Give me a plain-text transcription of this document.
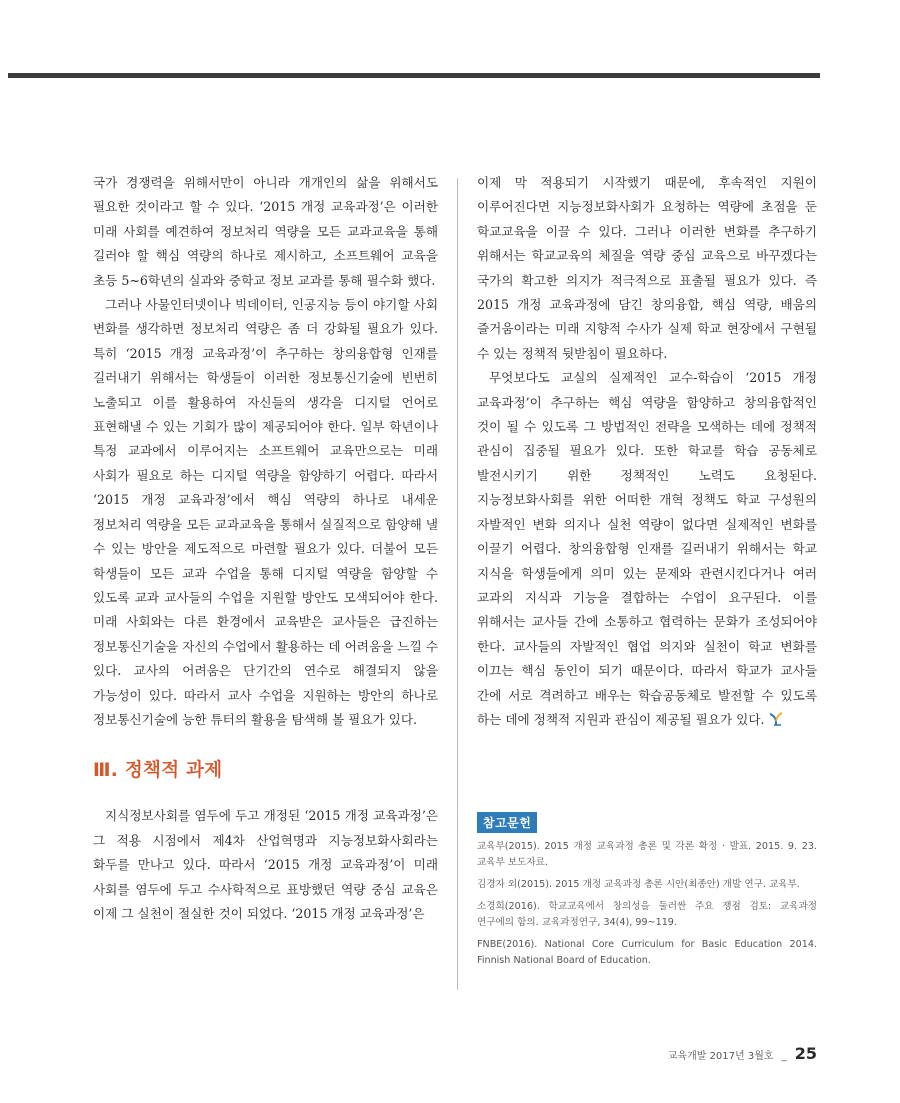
국가 경쟁력을 위해서만이 아니라 개개인의 삶을 위해서도 필요한 것이라고 할 수 있다. ‘2015 개정 교육과정’은 이러한 미래 사회를 예견하여 정보처리 역량을 모든 교과교육을 통해 길러야 할 핵심 역량의 하나로 제시하고, 소프트웨어 교육을 초등 5~6학년의 실과와 중학교 정보 교과를 통해 필수화 했다.

그러나 사물인터넷이나 빅데이터, 인공지능 등이 야기할 사회 변화를 생각하면 정보처리 역량은 좀 더 강화될 필요가 있다. 특히 ‘2015 개정 교육과정’이 추구하는 창의융합형 인재를 길러내기 위해서는 학생들이 이러한 정보통신기술에 빈번히 노출되고 이를 활용하여 자신들의 생각을 디지털 언어로 표현해낼 수 있는 기회가 많이 제공되어야 한다. 일부 학년이나 특정 교과에서 이루어지는 소프트웨어 교육만으로는 미래 사회가 필요로 하는 디지털 역량을 함양하기 어렵다. 따라서 ‘2015 개정 교육과정’에서 핵심 역량의 하나로 내세운 정보처리 역량을 모든 교과교육을 통해서 실질적으로 함양해 낼 수 있는 방안을 제도적으로 마련할 필요가 있다. 더불어 모든 학생들이 모든 교과 수업을 통해 디지털 역량을 함양할 수 있도록 교과 교사들의 수업을 지원할 방안도 모색되어야 한다. 미래 사회와는 다른 환경에서 교육받은 교사들은 급진하는 정보통신기술을 자신의 수업에서 활용하는 데 어려움을 느낄 수 있다. 교사의 어려움은 단기간의 연수로 해결되지 않을 가능성이 있다. 따라서 교사 수업을 지원하는 방안의 하나로 정보통신기술에 능한 튜터의 활용을 탐색해 볼 필요가 있다.

Ⅲ. 정책적 과제

지식정보사회를 염두에 두고 개정된 ‘2015 개정 교육과정’은 그 적용 시점에서 제4차 산업혁명과 지능정보화사회라는 화두를 만나고 있다. 따라서 ‘2015 개정 교육과정’이 미래 사회를 염두에 두고 수사학적으로 표방했던 역량 중심 교육은 이제 그 실천이 절실한 것이 되었다. ‘2015 개정 교육과정’은

이제 막 적용되기 시작했기 때문에, 후속적인 지원이 이루어진다면 지능정보화사회가 요청하는 역량에 초점을 둔 학교교육을 이끌 수 있다. 그러나 이러한 변화를 추구하기 위해서는 학교교육의 체질을 역량 중심 교육으로 바꾸겠다는 국가의 확고한 의지가 적극적으로 표출될 필요가 있다. 즉 2015 개정 교육과정에 담긴 창의융합, 핵심 역량, 배움의 즐거움이라는 미래 지향적 수사가 실제 학교 현장에서 구현될 수 있는 정책적 뒷받침이 필요하다.

무엇보다도 교실의 실제적인 교수-학습이 ‘2015 개정 교육과정’이 추구하는 핵심 역량을 함양하고 창의융합적인 것이 될 수 있도록 그 방법적인 전략을 모색하는 데에 정책적 관심이 집중될 필요가 있다. 또한 학교를 학습 공동체로 발전시키기 위한 정책적인 노력도 요청된다. 지능정보화사회를 위한 어떠한 개혁 정책도 학교 구성원의 자발적인 변화 의지나 실천 역량이 없다면 실제적인 변화를 이끌기 어렵다. 창의융합형 인재를 길러내기 위해서는 학교 지식을 학생들에게 의미 있는 문제와 관련시킨다거나 여러 교과의 지식과 기능을 결합하는 수업이 요구된다. 이를 위해서는 교사들 간에 소통하고 협력하는 문화가 조성되어야 한다. 교사들의 자발적인 협업 의지와 실천이 학교 변화를 이끄는 핵심 동인이 되기 때문이다. 따라서 학교가 교사들 간에 서로 격려하고 배우는 학습공동체로 발전할 수 있도록 하는 데에 정책적 지원과 관심이 제공될 필요가 있다.

참고문헌

교육부(2015). 2015 개정 교육과정 총론 및 각론 확정 · 발표. 2015. 9. 23. 교육부 보도자료.

김경자 외(2015). 2015 개정 교육과정 총론 시안(최종안) 개발 연구. 교육부.

소경희(2016). 학교교육에서 창의성을 둘러싼 주요 쟁점 검토: 교육과정 연구에의 함의. 교육과정연구, 34(4), 99~119.

FNBE(2016). National Core Curriculum for Basic Education 2014. Finnish National Board of Education.

교육개발 2017년 3월호 _ 25
